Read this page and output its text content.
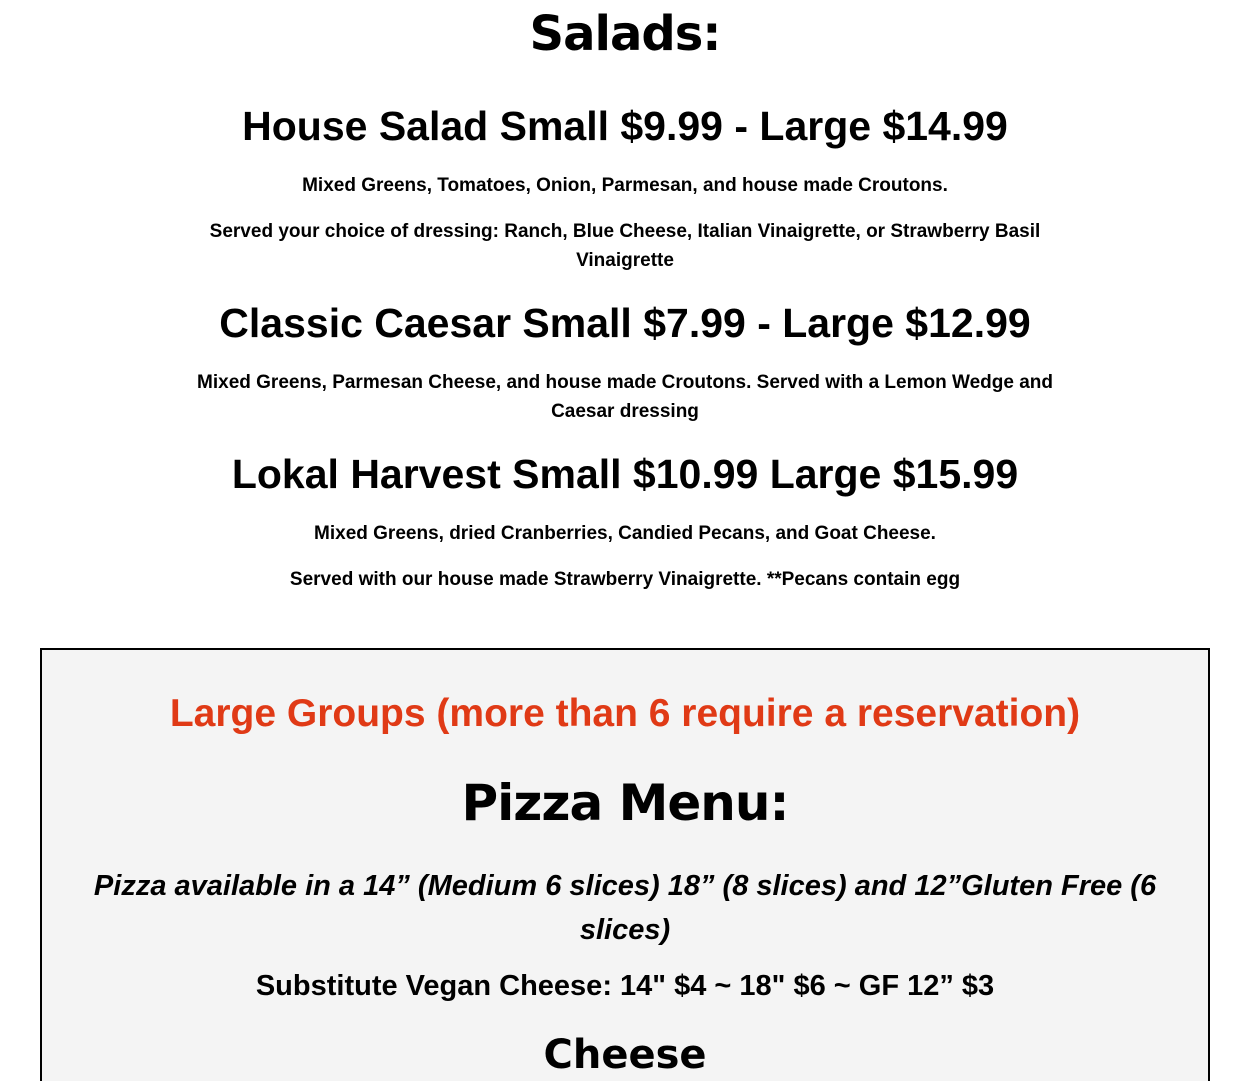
Salads:
House Salad Small $9.99 - Large $14.99

Mixed Greens, Tomatoes, Onion, Parmesan, and house made Croutons.

Served your choice of dressing: Ranch, Blue Cheese, Italian Vinaigrette, or Strawberry Basil Vinaigrette

Classic Caesar Small $7.99 - Large $12.99

Mixed Greens, Parmesan Cheese, and house made Croutons. Served with a Lemon Wedge and Caesar dressing

Lokal Harvest Small $10.99 Large $15.99

Mixed Greens, dried Cranberries, Candied Pecans, and Goat Cheese.

Served with our house made Strawberry Vinaigrette. **Pecans contain egg

Large Groups (more than 6 require a reservation)

Pizza Menu:

Pizza available in a 14” (Medium 6 slices) 18” (8 slices) and 12”Gluten Free (6 slices)

Substitute Vegan Cheese: 14" $4 ~ 18" $6 ~ GF 12” $3

Cheese
